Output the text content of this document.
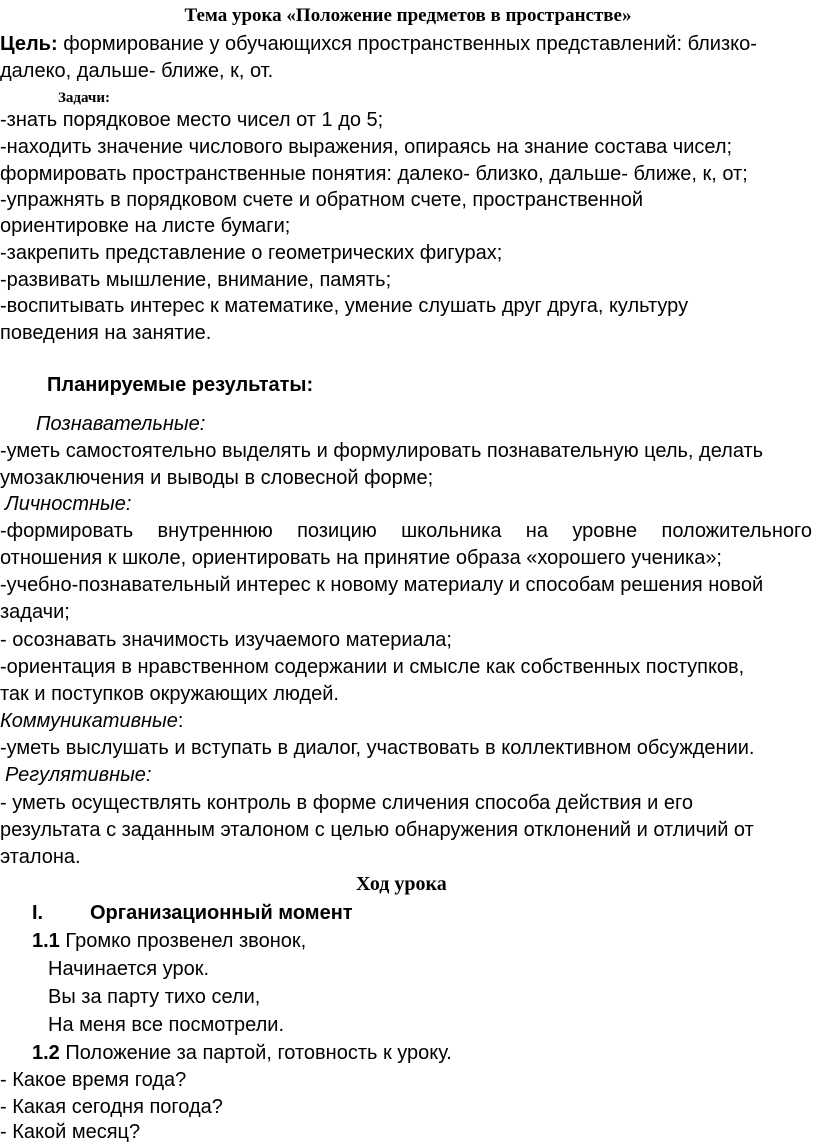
Тема урока «Положение предметов в пространстве»
Цель: формирование у обучающихся пространственных представлений: близко-
далеко, дальше- ближе, к, от.
Задачи:
-знать порядковое место чисел от 1 до 5;
-находить значение числового выражения, опираясь на знание состава чисел;
формировать пространственные понятия: далеко- близко, дальше- ближе, к, от;
-упражнять в порядковом счете и обратном счете, пространственной
ориентировке на листе бумаги;
-закрепить представление о геометрических фигурах;
-развивать мышление, внимание, память;
-воспитывать интерес к математике, умение слушать друг друга, культуру
поведения на занятие.
Планируемые результаты:
Познавательные:
-уметь самостоятельно выделять и формулировать познавательную цель, делать
умозаключения и выводы в словесной форме;
Личностные:
-формировать внутреннюю позицию школьника на уровне положительного
отношения к школе, ориентировать на принятие образа «хорошего ученика»;
-учебно-познавательный интерес к новому материалу и способам решения новой
задачи;
- осознавать значимость изучаемого материала;
-ориентация в нравственном содержании и смысле как собственных поступков,
так и поступков окружающих людей.
Коммуникативные:
-уметь выслушать и вступать в диалог, участвовать в коллективном обсуждении.
Регулятивные:
- уметь осуществлять контроль в форме сличения способа действия и его
результата с заданным эталоном с целью обнаружения отклонений и отличий от
эталона.
Ход урока
I. Организационный момент
1.1 Громко прозвенел звонок,
Начинается урок.
Вы за парту тихо сели,
На меня все посмотрели.
1.2 Положение за партой, готовность к уроку.
- Какое время года?
- Какая сегодня погода?
- Какой месяц?
